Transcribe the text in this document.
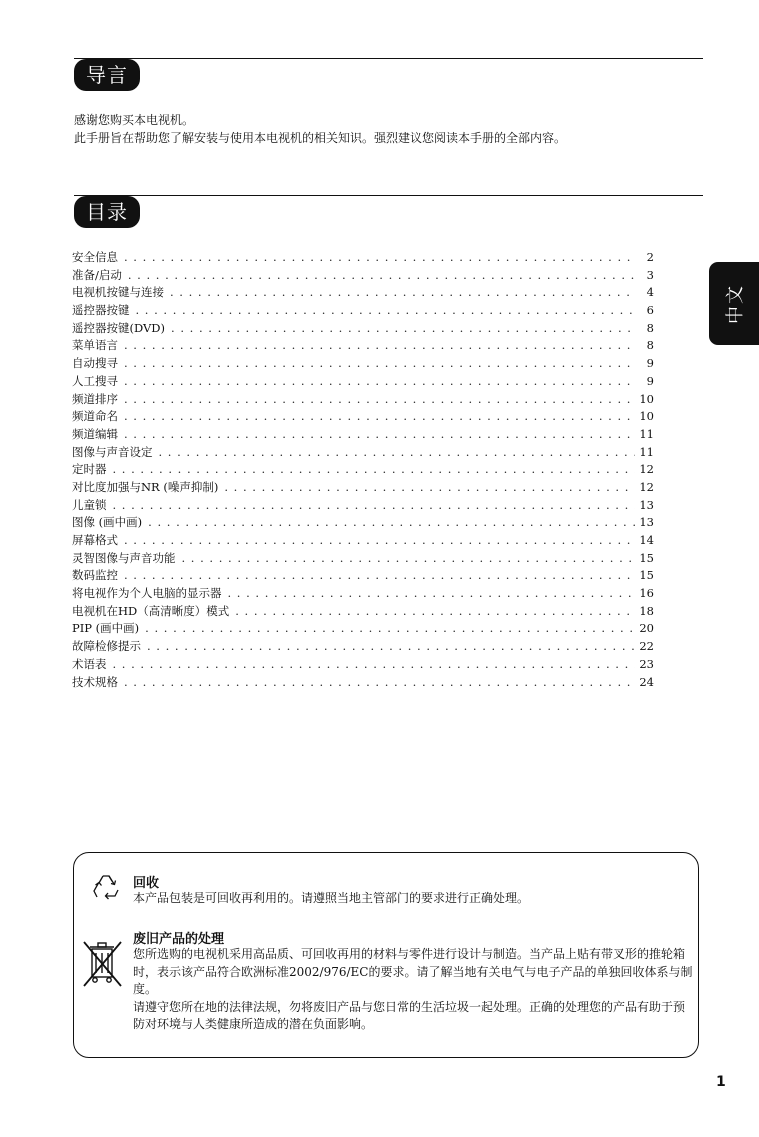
导言

感谢您购买本电视机。

此手册旨在帮助您了解安装与使用本电视机的相关知识。强烈建议您阅读本手册的全部内容。

目录
安全信息 . . .	2
准备/启动 . . .	3
电视机按键与连接 . . .	4
遥控器按键 . . .	6
遥控器按键(DVD) . . .	8
菜单语言 . . .	8
自动搜寻 . . .	9
人工搜寻 . . .	9
频道排序 . . .	10
频道命名 . . .	10
频道编辑 . . .	11
图像与声音设定 . . .	11
定时器 . . .	12
对比度加强与NR (噪声抑制) . . .	12
儿童锁 . . .	13
图像 (画中画) . . .	13
屏幕格式 . . .	14
灵智图像与声音功能 . . .	15
数码监控 . . .	15
将电视作为个人电脑的显示器 . . .	16
电视机在HD（高清晰度）模式 . . .	18
PIP (画中画) . . .	20
故障检修提示 . . .	22
术语表 . . .	23
技术规格 . . .	24
中文
回收

本产品包装是可回收再利用的。请遵照当地主管部门的要求进行正确处理。

废旧产品的处理

您所选购的电视机采用高品质、可回收再用的材料与零件进行设计与制造。当产品上贴有带叉形的推轮箱时，表示该产品符合欧洲标准2002/976/EC的要求。请了解当地有关电气与电子产品的单独回收体系与制度。

请遵守您所在地的法律法规，勿将废旧产品与您日常的生活垃圾一起处理。正确的处理您的产品有助于预防对环境与人类健康所造成的潜在负面影响。

1
